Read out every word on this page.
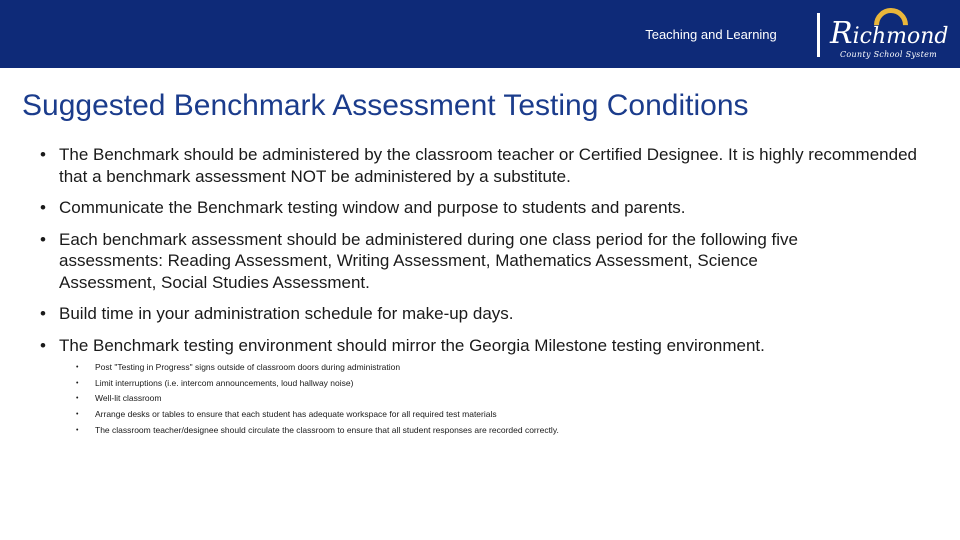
Teaching and Learning	Richmond
County School System
Suggested Benchmark Assessment Testing Conditions
• The Benchmark should be administered by the classroom teacher or Certified Designee. It is highly recommended that a benchmark assessment NOT be administered by a substitute.
• Communicate the Benchmark testing window and purpose to students and parents.
• Each benchmark assessment should be administered during one class period for the following five assessments: Reading Assessment, Writing Assessment, Mathematics Assessment, Science Assessment, Social Studies Assessment.
• Build time in your administration schedule for make-up days.
• The Benchmark testing environment should mirror the Georgia Milestone testing environment.
• Post "Testing in Progress" signs outside of classroom doors during administration
• Limit interruptions (i.e. intercom announcements, loud hallway noise)
• Well-lit classroom
• Arrange desks or tables to ensure that each student has adequate workspace for all required test materials
• The classroom teacher/designee should circulate the classroom to ensure that all student responses are recorded correctly.
